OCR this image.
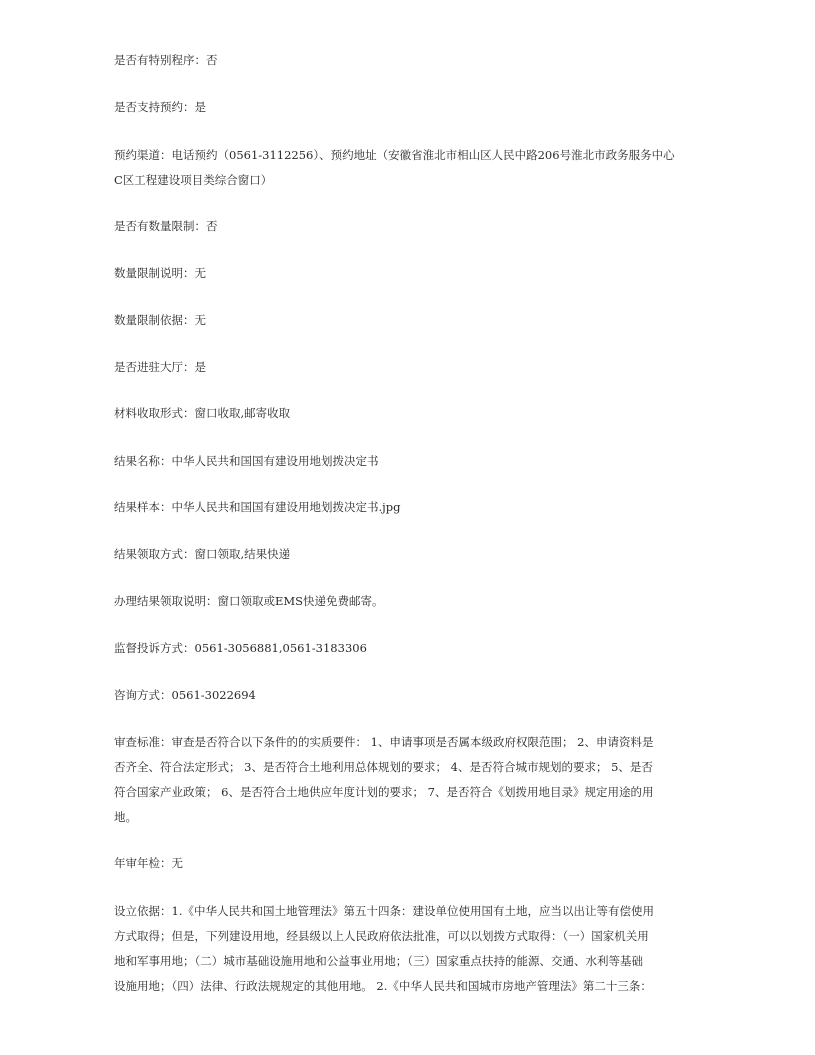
是否有特别程序：否
是否支持预约：是
预约渠道：电话预约（0561-3112256）、预约地址（安徽省淮北市相山区人民中路206号淮北市政务服务中心
C区工程建设项目类综合窗口）
是否有数量限制：否
数量限制说明：无
数量限制依据：无
是否进驻大厅：是
材料收取形式：窗口收取,邮寄收取
结果名称：中华人民共和国国有建设用地划拨决定书
结果样本：中华人民共和国国有建设用地划拨决定书.jpg
结果领取方式：窗口领取,结果快递
办理结果领取说明：窗口领取或EMS快递免费邮寄。
监督投诉方式：0561-3056881,0561-3183306
咨询方式：0561-3022694
审查标准：审查是否符合以下条件的的实质要件： 1、申请事项是否属本级政府权限范围； 2、申请资料是
否齐全、符合法定形式； 3、是否符合土地利用总体规划的要求； 4、是否符合城市规划的要求； 5、是否
符合国家产业政策； 6、是否符合土地供应年度计划的要求； 7、是否符合《划拨用地目录》规定用途的用
地。
年审年检：无
设立依据：1.《中华人民共和国土地管理法》第五十四条：建设单位使用国有土地，应当以出让等有偿使用
方式取得；但是，下列建设用地，经县级以上人民政府依法批准，可以以划拨方式取得：（一）国家机关用
地和军事用地；（二）城市基础设施用地和公益事业用地；（三）国家重点扶持的能源、交通、水利等基础
设施用地；（四）法律、行政法规规定的其他用地。 2.《中华人民共和国城市房地产管理法》第二十三条：
